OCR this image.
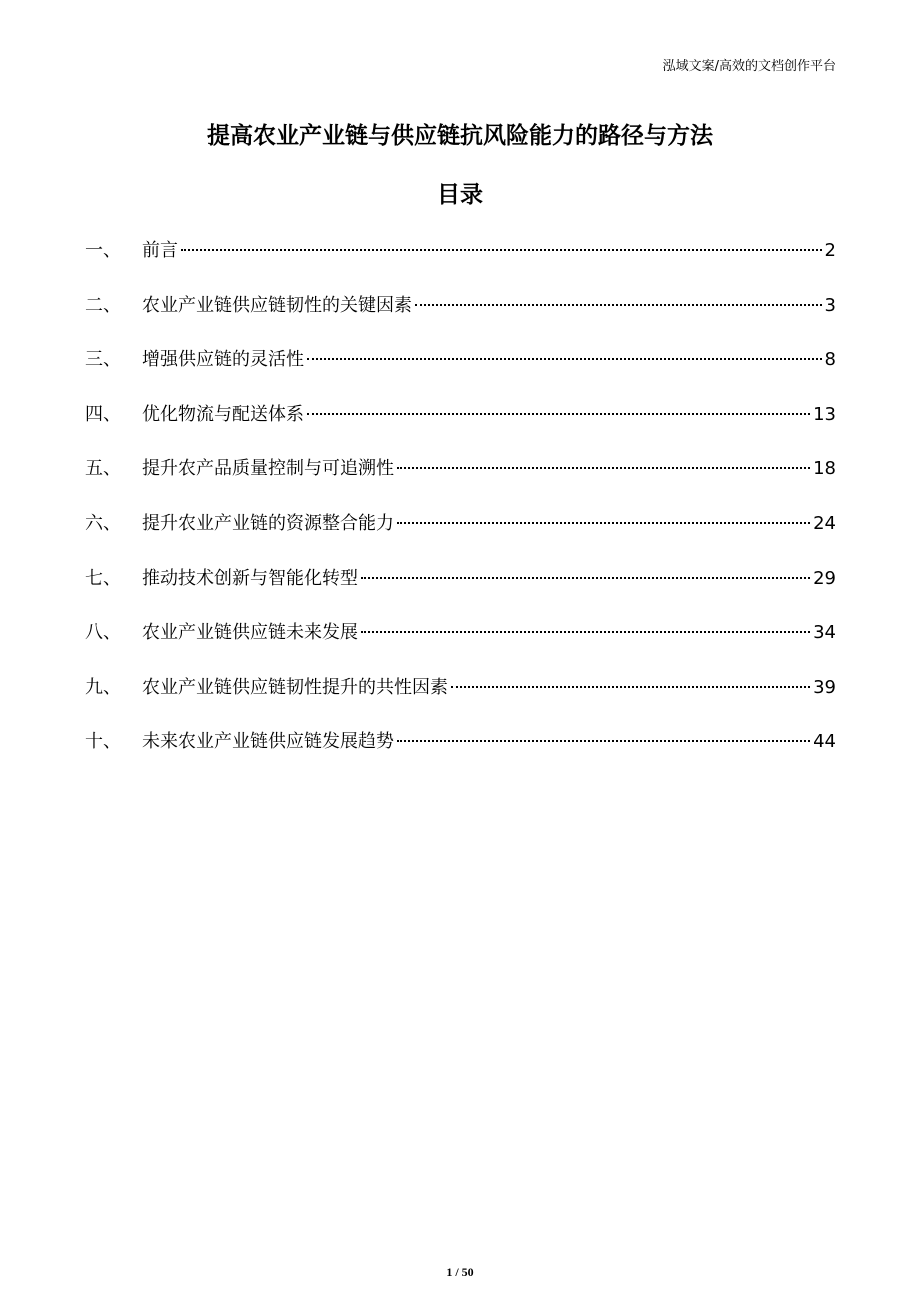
泓域文案/高效的文档创作平台
提高农业产业链与供应链抗风险能力的路径与方法
目录
一、	前言	2
二、	农业产业链供应链韧性的关键因素	3
三、	增强供应链的灵活性	8
四、	优化物流与配送体系	13
五、	提升农产品质量控制与可追溯性	18
六、	提升农业产业链的资源整合能力	24
七、	推动技术创新与智能化转型	29
八、	农业产业链供应链未来发展	34
九、	农业产业链供应链韧性提升的共性因素	39
十、	未来农业产业链供应链发展趋势	44
1 / 50
